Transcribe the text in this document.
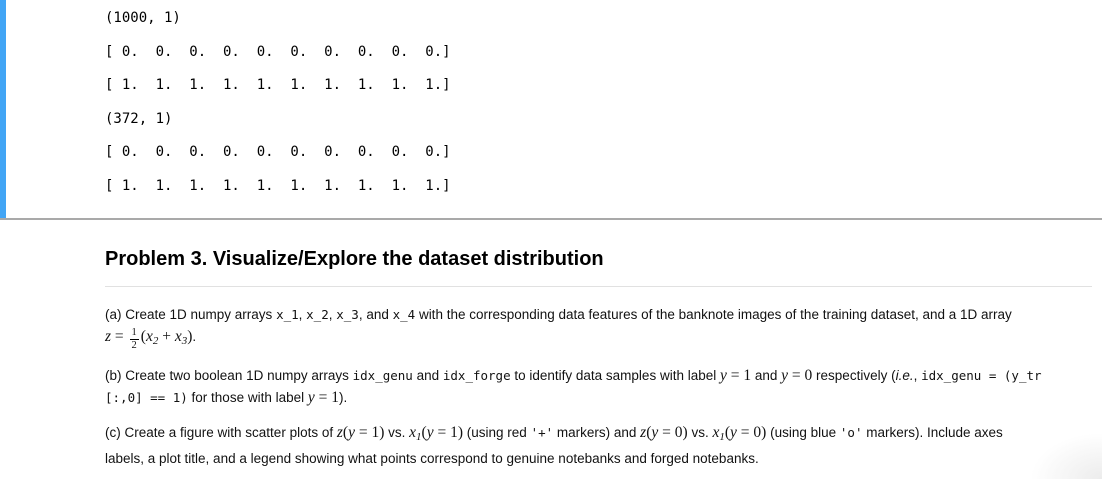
(1000, 1)
[ 0.  0.  0.  0.  0.  0.  0.  0.  0.  0.]
[ 1.  1.  1.  1.  1.  1.  1.  1.  1.  1.]
(372, 1)
[ 0.  0.  0.  0.  0.  0.  0.  0.  0.  0.]
[ 1.  1.  1.  1.  1.  1.  1.  1.  1.  1.]
Problem 3. Visualize/Explore the dataset distribution
(a) Create 1D numpy arrays x_1, x_2, x_3, and x_4 with the corresponding data features of the banknote images of the training dataset, and a 1D array
$z = \frac{1}{2} (x2 + x3)$.
(b) Create two boolean 1D numpy arrays idx_genu and idx_forge to identify data samples with label y = 1 and y = 0 respectively (i.e., idx_genu = (y_tr
[:,0] == 1) for those with label y = 1).
(c) Create a figure with scatter plots of z(y = 1) vs. x1(y = 1) (using red '+' markers) and z(y = 0) vs. x1(y = 0) (using blue 'o' markers). Include axes
labels, a plot title, and a legend showing what points correspond to genuine notebanks and forged notebanks.
